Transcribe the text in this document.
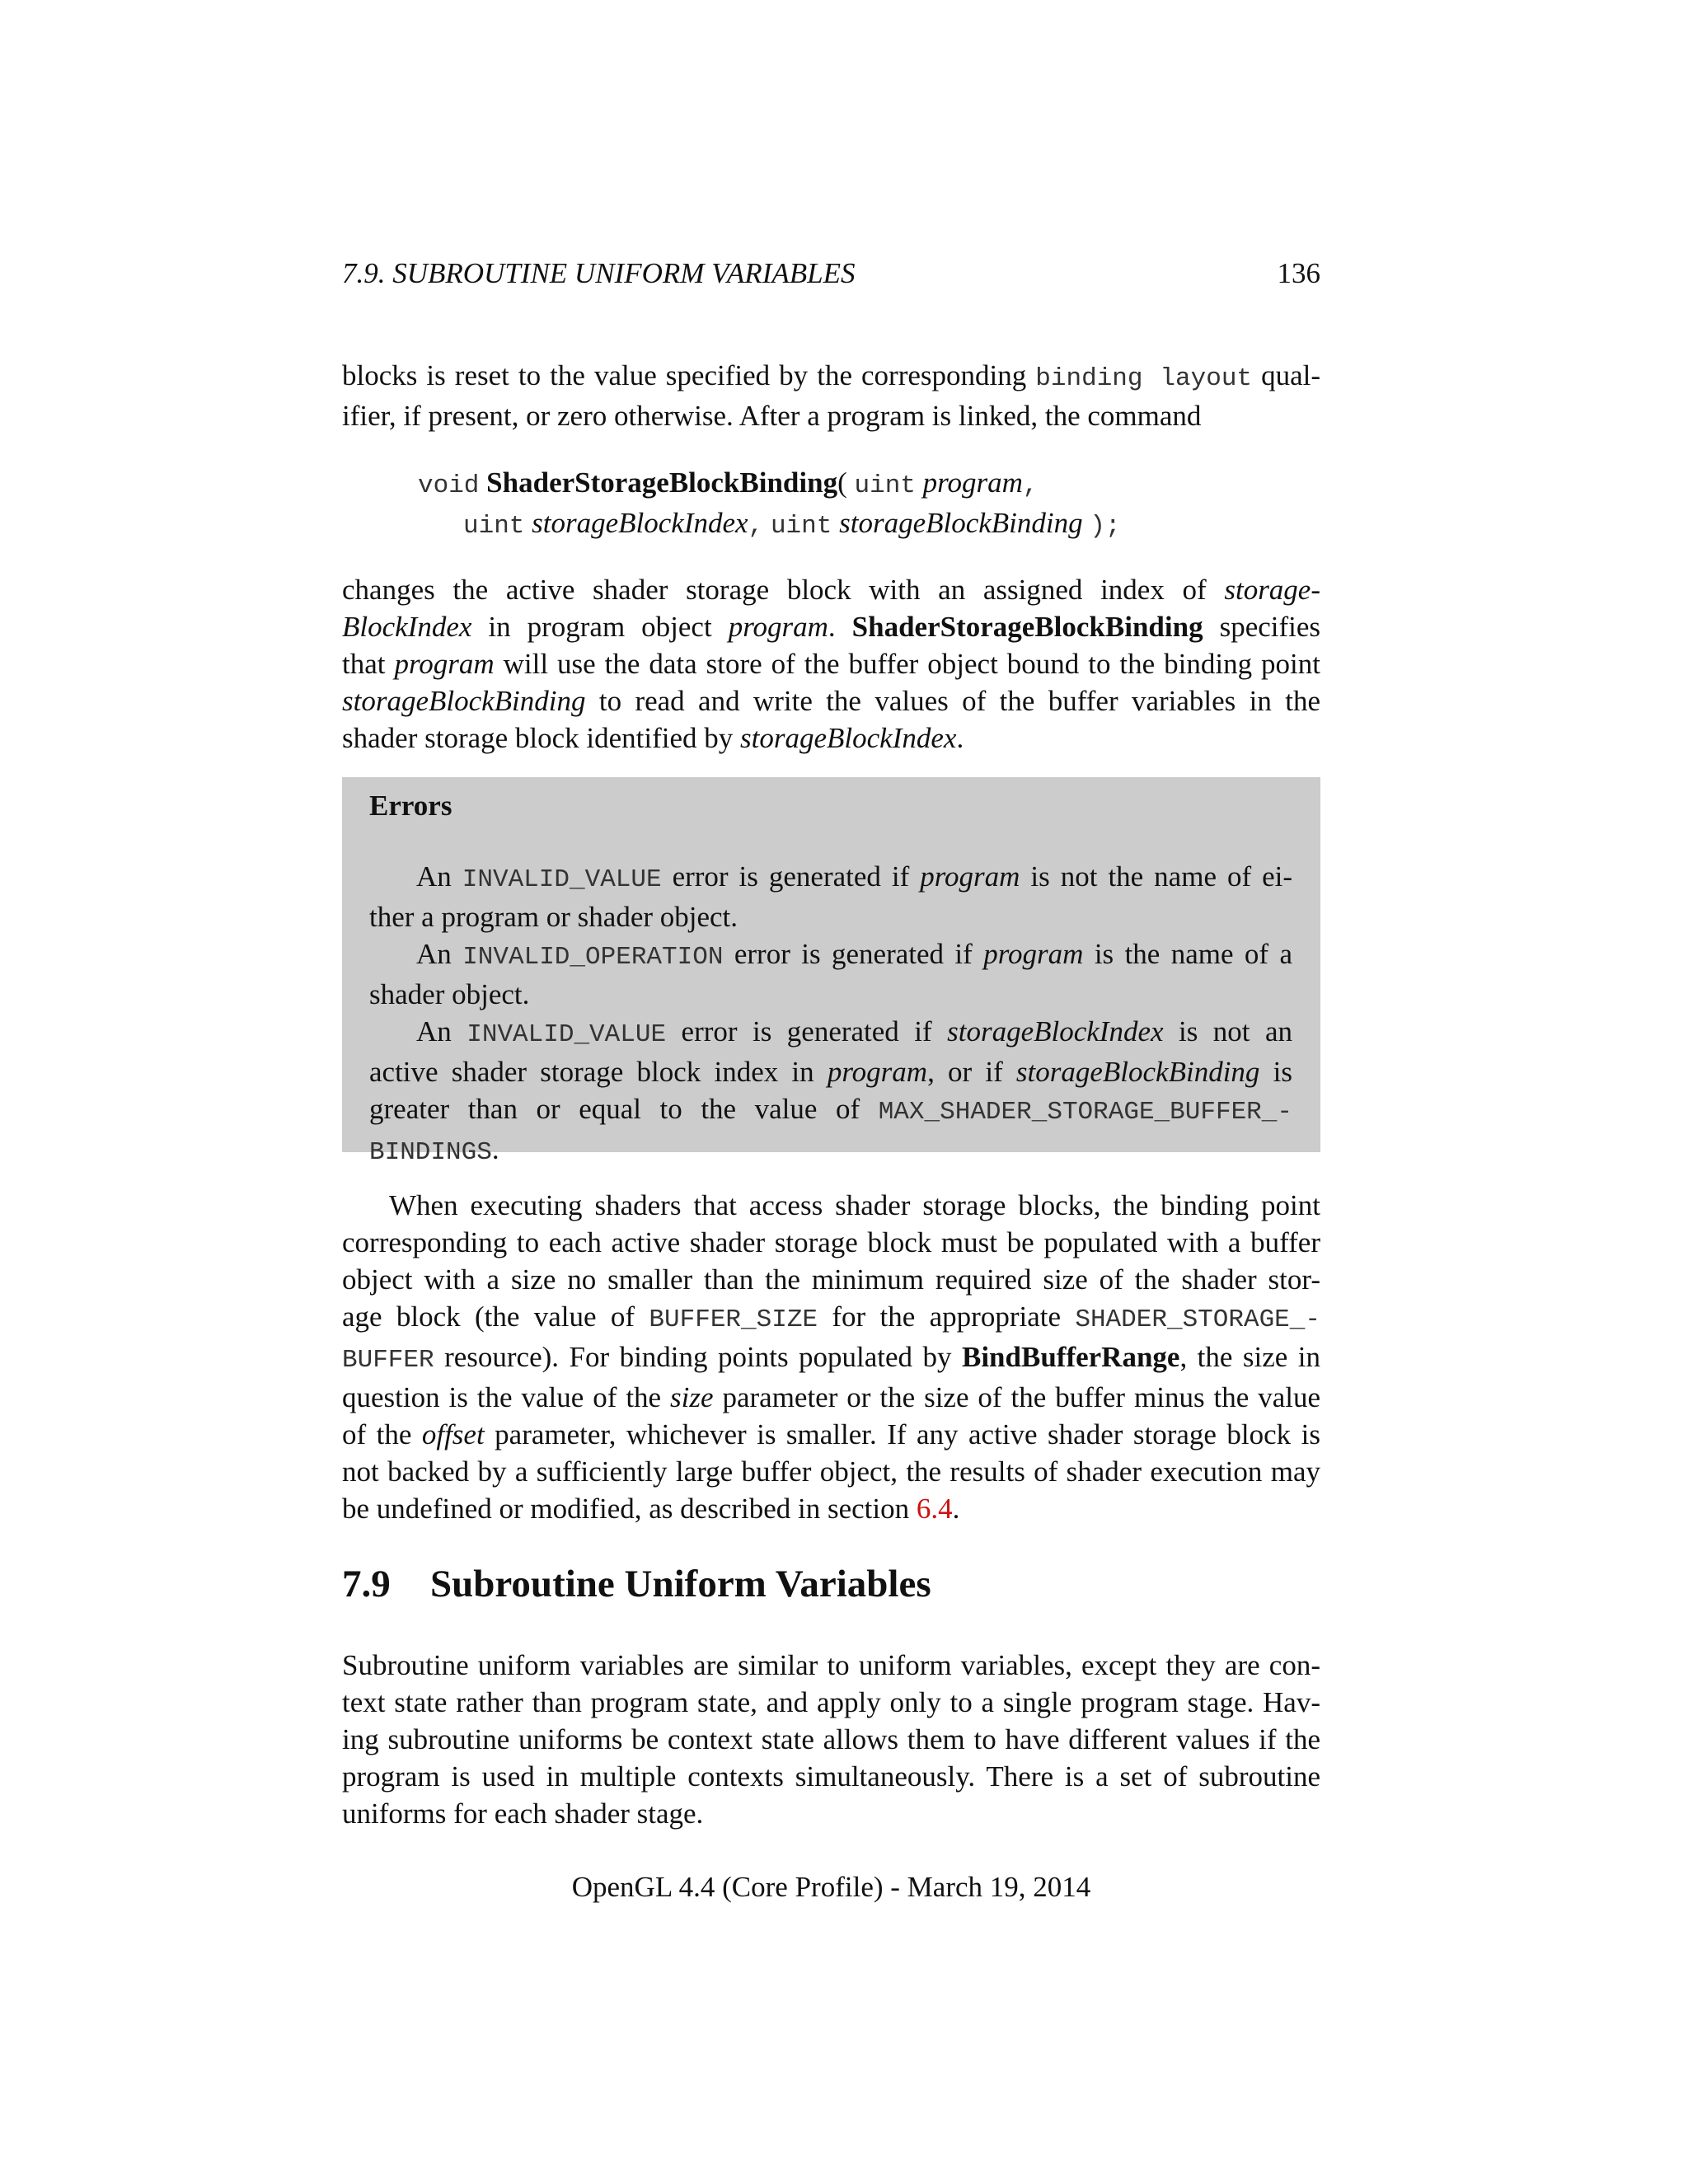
7.9. SUBROUTINE UNIFORM VARIABLES	136
blocks is reset to the value specified by the corresponding binding layout qual-
ifier, if present, or zero otherwise. After a program is linked, the command
void ShaderStorageBlockBinding( uint program,
uint storageBlockIndex, uint storageBlockBinding );
changes the active shader storage block with an assigned index of storage-
BlockIndex in program object program. ShaderStorageBlockBinding specifies
that program will use the data store of the buffer object bound to the binding point
storageBlockBinding to read and write the values of the buffer variables in the
shader storage block identified by storageBlockIndex.
Errors
An INVALID_VALUE error is generated if program is not the name of ei-
ther a program or shader object.
An INVALID_OPERATION error is generated if program is the name of a
shader object.
An INVALID_VALUE error is generated if storageBlockIndex is not an
active shader storage block index in program, or if storageBlockBinding is
greater than or equal to the value of MAX_SHADER_STORAGE_BUFFER_-
BINDINGS.
When executing shaders that access shader storage blocks, the binding point
corresponding to each active shader storage block must be populated with a buffer
object with a size no smaller than the minimum required size of the shader stor-
age block (the value of BUFFER_SIZE for the appropriate SHADER_STORAGE_-
BUFFER resource). For binding points populated by BindBufferRange, the size in
question is the value of the size parameter or the size of the buffer minus the value
of the offset parameter, whichever is smaller. If any active shader storage block is
not backed by a sufficiently large buffer object, the results of shader execution may
be undefined or modified, as described in section 6.4.
7.9 Subroutine Uniform Variables
Subroutine uniform variables are similar to uniform variables, except they are con-
text state rather than program state, and apply only to a single program stage. Hav-
ing subroutine uniforms be context state allows them to have different values if the
program is used in multiple contexts simultaneously. There is a set of subroutine
uniforms for each shader stage.
OpenGL 4.4 (Core Profile) - March 19, 2014
